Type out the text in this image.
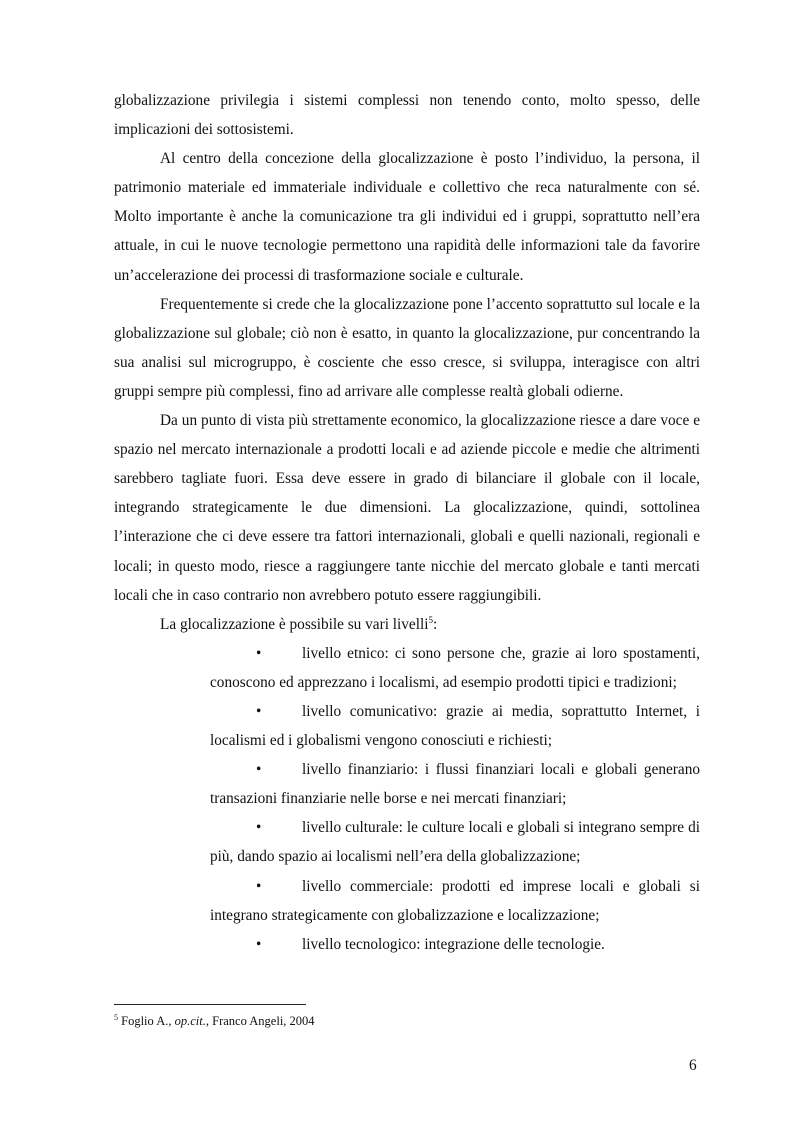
globalizzazione privilegia i sistemi complessi non tenendo conto, molto spesso, delle implicazioni dei sottosistemi.

Al centro della concezione della glocalizzazione è posto l’individuo, la persona, il patrimonio materiale ed immateriale individuale e collettivo che reca naturalmente con sé. Molto importante è anche la comunicazione tra gli individui ed i gruppi, soprattutto nell’era attuale, in cui le nuove tecnologie permettono una rapidità delle informazioni tale da favorire un’accelerazione dei processi di trasformazione sociale e culturale.

Frequentemente si crede che la glocalizzazione pone l’accento soprattutto sul locale e la globalizzazione sul globale; ciò non è esatto, in quanto la glocalizzazione, pur concentrando la sua analisi sul microgruppo, è cosciente che esso cresce, si sviluppa, interagisce con altri gruppi sempre più complessi, fino ad arrivare alle complesse realtà globali odierne.

Da un punto di vista più strettamente economico, la glocalizzazione riesce a dare voce e spazio nel mercato internazionale a prodotti locali e ad aziende piccole e medie che altrimenti sarebbero tagliate fuori. Essa deve essere in grado di bilanciare il globale con il locale, integrando strategicamente le due dimensioni. La glocalizzazione, quindi, sottolinea l’interazione che ci deve essere tra fattori internazionali, globali e quelli nazionali, regionali e locali; in questo modo, riesce a raggiungere tante nicchie del mercato globale e tanti mercati locali che in caso contrario non avrebbero potuto essere raggiungibili.

La glocalizzazione è possibile su vari livelli$^5$:

•	livello etnico: ci sono persone che, grazie ai loro spostamenti, conoscono ed apprezzano i localismi, ad esempio prodotti tipici e tradizioni;
•	livello comunicativo: grazie ai media, soprattutto Internet, i localismi ed i globalismi vengono conosciuti e richiesti;
•	livello finanziario: i flussi finanziari locali e globali generano transazioni finanziarie nelle borse e nei mercati finanziari;
•	livello culturale: le culture locali e globali si integrano sempre di più, dando spazio ai localismi nell’era della globalizzazione;
•	livello commerciale: prodotti ed imprese locali e globali si integrano strategicamente con globalizzazione e localizzazione;
•	livello tecnologico: integrazione delle tecnologie.
$^5$ Foglio A., op.cit., Franco Angeli, 2004
6
